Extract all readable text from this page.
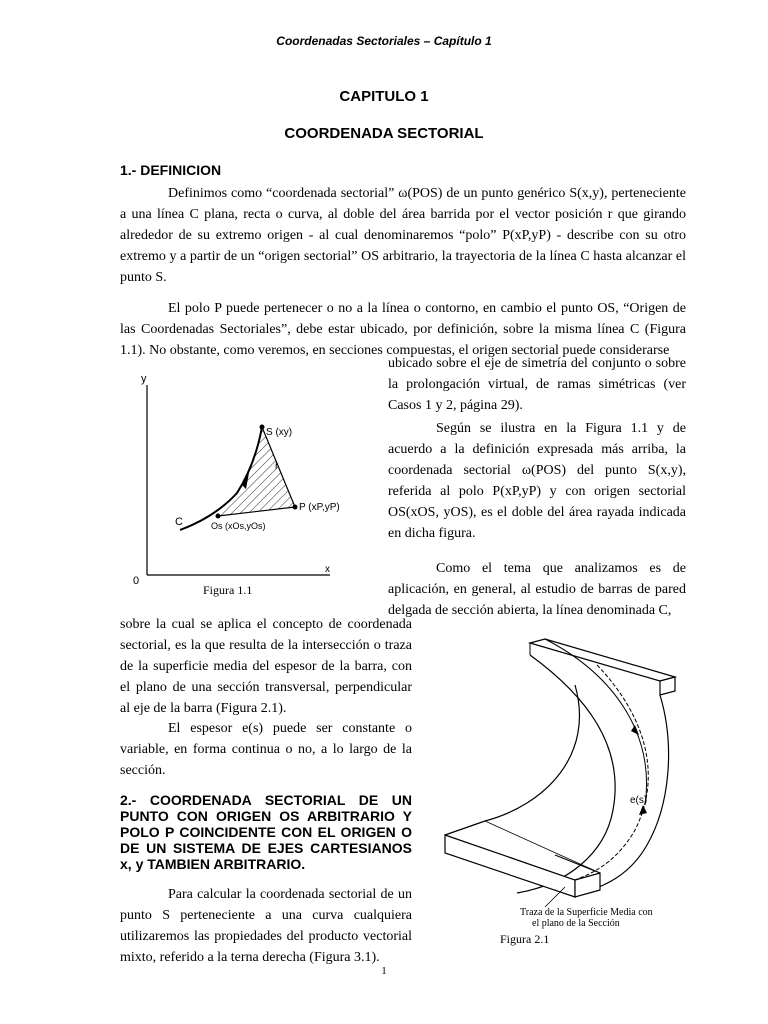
Coordenadas Sectoriales – Capítulo 1
CAPITULO 1
COORDENADA SECTORIAL
1.- DEFINICION
Definimos como “coordenada sectorial” ω(POS) de un punto genérico S(x,y), perteneciente a una línea C plana, recta o curva, al doble del área barrida por el vector posición r que girando alrededor de su extremo origen - al cual denominaremos “polo” P(xP,yP) - describe con su otro extremo y a partir de un “origen sectorial” OS arbitrario, la trayectoria de la línea C hasta alcanzar el punto S.
El polo P puede pertenecer o no a la línea o contorno, en cambio el punto OS, “Origen de las Coordenadas Sectoriales”, debe estar ubicado, por definición, sobre la misma línea C (Figura 1.1). No obstante, como veremos, en secciones compuestas, el origen sectorial puede considerarse
ubicado sobre el eje de simetría del conjunto o sobre la prolongación virtual, de ramas simétricas (ver Casos 1 y 2, página 29).
Según se ilustra en la Figura 1.1 y de acuerdo a la definición expresada más arriba, la coordenada sectorial ω(POS) del punto S(x,y), referida al polo P(xP,yP) y con origen sectorial OS(xOS, yOS), es el doble del área rayada indicada en dicha figura.
Como el tema que analizamos es de aplicación, en general, al estudio de barras de pared delgada de sección abierta, la línea denominada C,
sobre la cual se aplica el concepto de coordenada sectorial, es la que resulta de la intersección o traza de la superficie media del espesor de la barra, con el plano de una sección transversal, perpendicular al eje de la barra (Figura 2.1).
El espesor e(s) puede ser constante o variable, en forma continua o no, a lo largo de la sección.
2.- COORDENADA SECTORIAL DE UN PUNTO CON ORIGEN OS ARBITRARIO Y POLO P COINCIDENTE CON EL ORIGEN O DE UN SISTEMA DE EJES CARTESIANOS x, y TAMBIEN ARBITRARIO.
Para calcular la coordenada sectorial de un punto S perteneciente a una curva cualquiera utilizaremos las propiedades del producto vectorial mixto, referido a la terna derecha (Figura 3.1).
1
y
x
0
S (xy)
r
P (xP,yP)
C	Os (xOs,yOs)
Figura 1.1
e(s)
Traza de la Superficie Media con
el plano de la Sección
Figura 2.1
